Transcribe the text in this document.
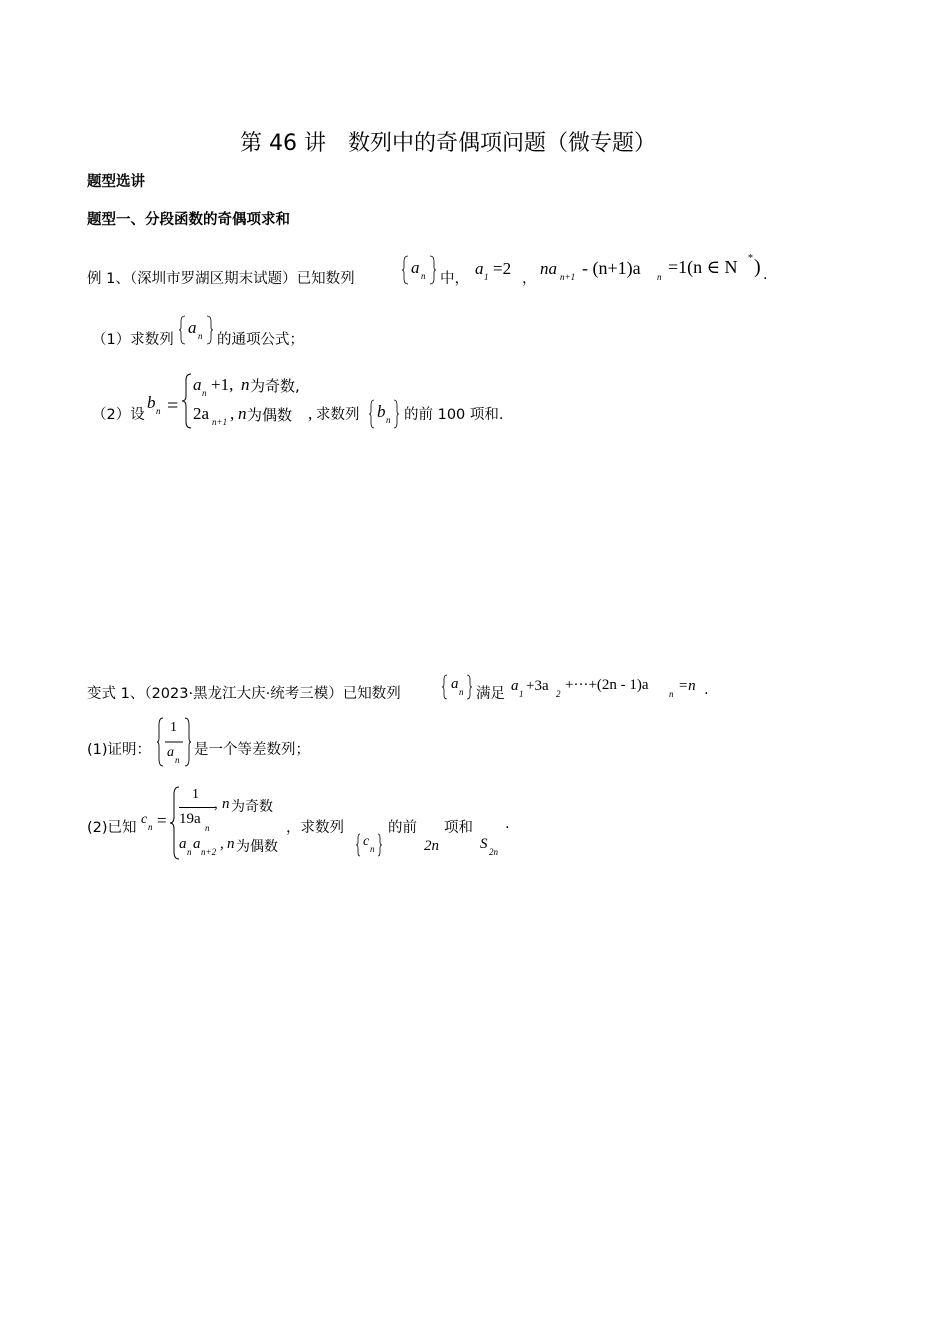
第 46 讲　数列中的奇偶项问题（微专题）
题型选讲
题型一、分段函数的奇偶项求和
例 1、（深圳市罗湖区期末试题）已知数列
a n 中，
a 1 =2
，
na n+1 - (n+1)a n =1(n ∈ N * ) .
（1）求数列
a n 的通项公式；
（2）设
b n =
a n +1, n 为奇数,
2a n+1 , n 为偶数 , 求数列 b n 的前 100 项和.
变式 1、（2023·黑龙江大庆·统考三模）已知数列
a n 满足 a 1 +3a 2
+···+(2n - 1)a
n =n .
(1)证明：
1
a n
是一个等差数列；
(2)已知
c n =
1
19a
n
, n 为奇数
a n a n+2 , n 为偶数
，求数列
c n
的前
2n
项和
S 2n
.
